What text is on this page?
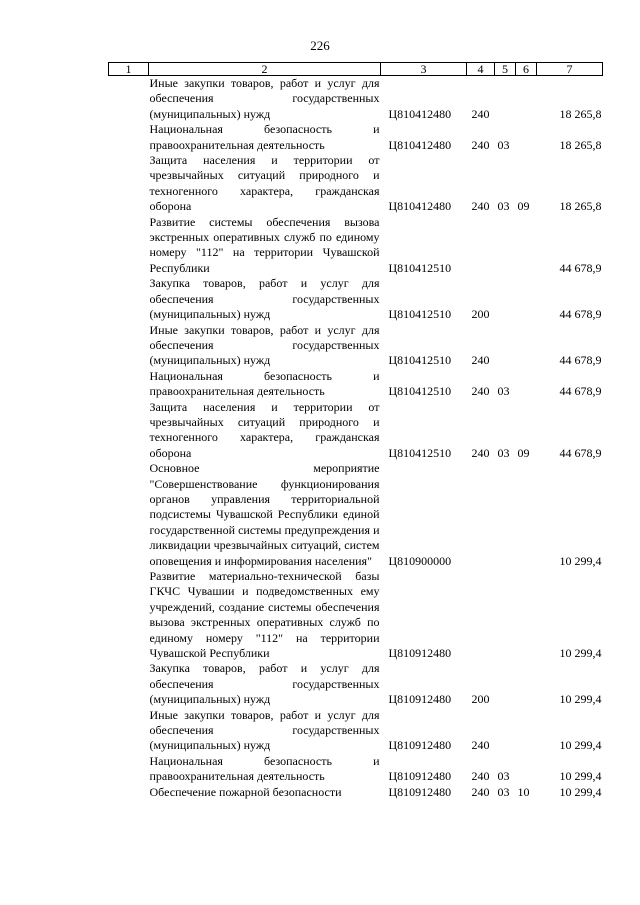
226
1	2	3	4	5	6	7
	Иные закупки товаров, работ и услуг для обеспечения государственных (муниципальных) нужд	Ц810412480	240			18 265,8
	Национальная безопасность и правоохранительная деятельность	Ц810412480	240	03		18 265,8
	Защита населения и территории от чрезвычайных ситуаций природного и техногенного характера, гражданская оборона	Ц810412480	240	03	09	18 265,8
	Развитие системы обеспечения вызова экстренных оперативных служб по единому номеру "112" на территории Чувашской Республики	Ц810412510				44 678,9
	Закупка товаров, работ и услуг для обеспечения государственных (муниципальных) нужд	Ц810412510	200			44 678,9
	Иные закупки товаров, работ и услуг для обеспечения государственных (муниципальных) нужд	Ц810412510	240			44 678,9
	Национальная безопасность и правоохранительная деятельность	Ц810412510	240	03		44 678,9
	Защита населения и территории от чрезвычайных ситуаций природного и техногенного характера, гражданская оборона	Ц810412510	240	03	09	44 678,9
	Основное мероприятие "Совершенствование функционирования органов управления территориальной подсистемы Чувашской Республики единой государственной системы предупреждения и ликвидации чрезвычайных ситуаций, систем оповещения и информирования населения"	Ц810900000				10 299,4
	Развитие материально-технической базы ГКЧС Чувашии и подведомственных ему учреждений, создание системы обеспечения вызова экстренных оперативных служб по единому номеру "112" на территории Чувашской Республики	Ц810912480				10 299,4
	Закупка товаров, работ и услуг для обеспечения государственных (муниципальных) нужд	Ц810912480	200			10 299,4
	Иные закупки товаров, работ и услуг для обеспечения государственных (муниципальных) нужд	Ц810912480	240			10 299,4
	Национальная безопасность и правоохранительная деятельность	Ц810912480	240	03		10 299,4
	Обеспечение пожарной безопасности	Ц810912480	240	03	10	10 299,4
